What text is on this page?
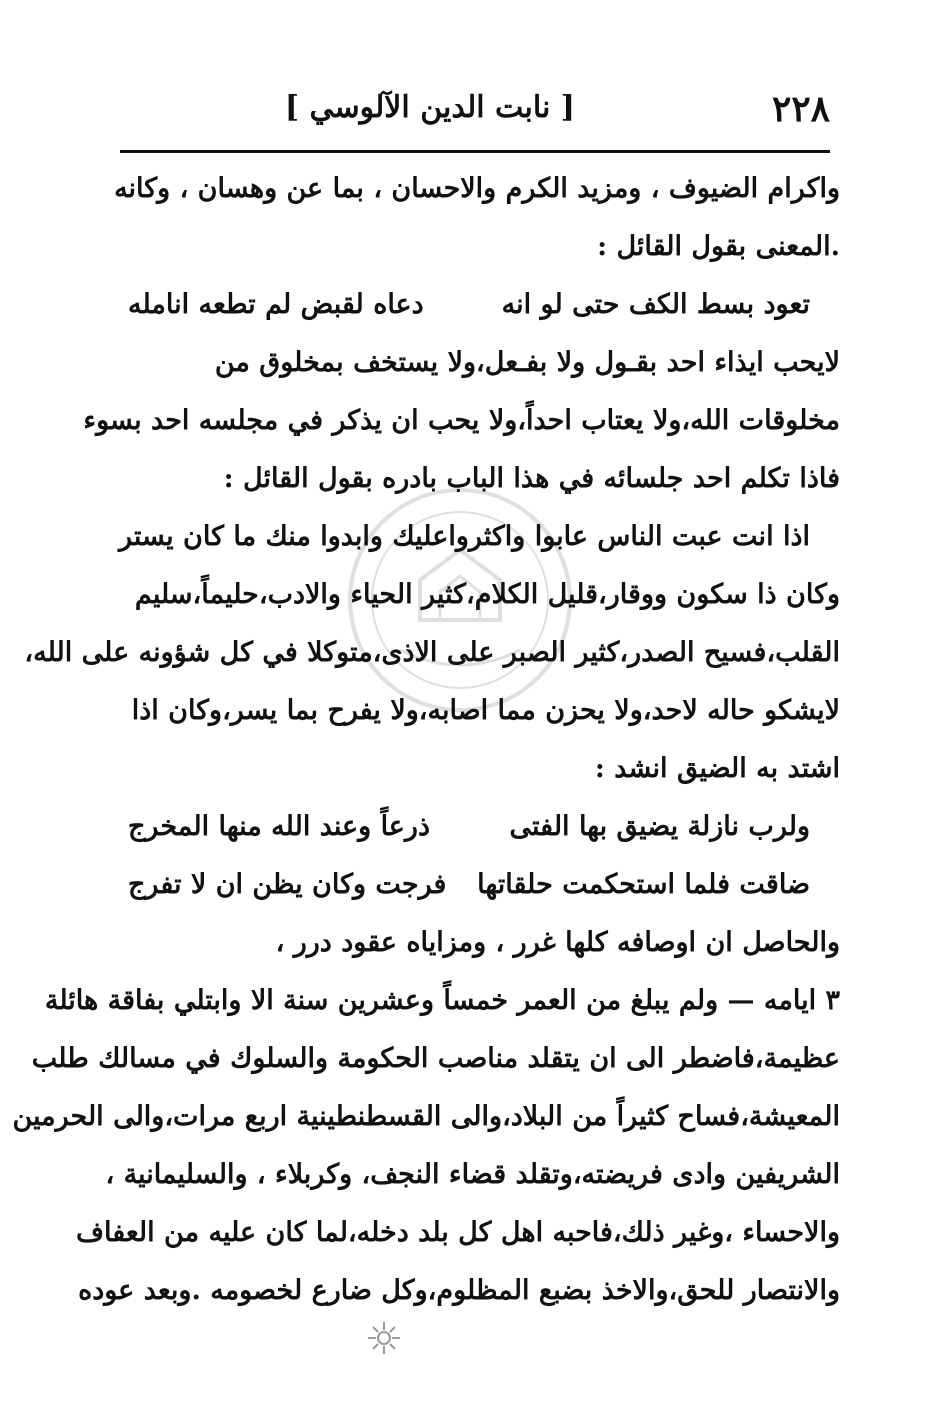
٢٢٨
[ نابت الدين الآلوسي ]
واكرام الضيوف ، ومزيد الكرم والاحسان ، بما عن وهسان ، وكانه
.المعنى بقول القائل :
تعود بسط الكف حتى لو انه
دعاه لقبض لم تطعه انامله
لايحب ايذاء احد بقـول ولا بفـعل،ولا يستخف بمخلوق من
مخلوقات الله،ولا يعتاب احداً،ولا يحب ان يذكر في مجلسه احد بسوء
فاذا تكلم احد جلسائه في هذا الباب بادره بقول القائل :
اذا انت عبت الناس عابوا واكثروا
عليك وابدوا منك ما كان يستر
وكان ذا سكون ووقار،قليل الكلام،كثير الحياء والادب،حليماً،سليم
القلب،فسيح الصدر،كثير الصبر على الاذى،متوكلا في كل شؤونه على الله،
لايشكو حاله لاحد،ولا يحزن مما اصابه،ولا يفرح بما يسر،وكان اذا
اشتد به الضيق انشد :
ولرب نازلة يضيق بها الفتى
ذرعاً وعند الله منها المخرج
ضاقت فلما استحكمت حلقاتها
فرجت وكان يظن ان لا تفرج
والحاصل ان اوصافه كلها غرر ، ومزاياه عقود درر ،
٣ ايامه — ولم يبلغ من العمر خمساً وعشرين سنة الا وابتلي بفاقة هائلة
عظيمة،فاضطر الى ان يتقلد مناصب الحكومة والسلوك في مسالك طلب
المعيشة،فساح كثيراً من البلاد،والى القسطنطينية اربع مرات،والى الحرمين
الشريفين وادى فريضته،وتقلد قضاء النجف، وكربلاء ، والسليمانية ،
والاحساء ،وغير ذلك،فاحبه اهل كل بلد دخله،لما كان عليه من العفاف
والانتصار للحق،والاخذ بضبع المظلوم،وكل ضارع لخصومه .وبعد عوده
